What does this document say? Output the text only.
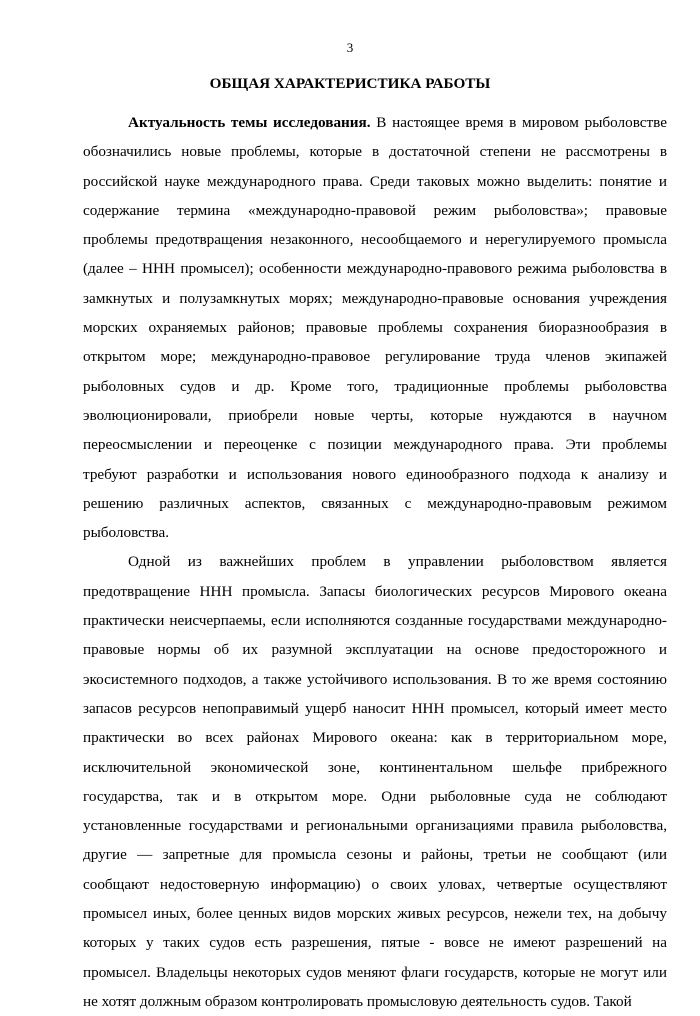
3
ОБЩАЯ ХАРАКТЕРИСТИКА РАБОТЫ
Актуальность темы исследования. В настоящее время в мировом рыболовстве
обозначились новые проблемы, которые в достаточной степени не рассмотрены в
российской науке международного права. Среди таковых можно выделить: понятие и
содержание термина «международно-правовой режим рыболовства»; правовые
проблемы предотвращения незаконного, несообщаемого и нерегулируемого промысла
(далее – ННН промысел); особенности международно-правового режима рыболовства в
замкнутых и полузамкнутых морях; международно-правовые основания учреждения
морских охраняемых районов; правовые проблемы сохранения биоразнообразия в
открытом море; международно-правовое регулирование труда членов экипажей
рыболовных судов и др. Кроме того, традиционные проблемы рыболовства
эволюционировали, приобрели новые черты, которые нуждаются в научном
переосмыслении и переоценке с позиции международного права. Эти проблемы
требуют разработки и использования нового единообразного подхода к анализу и
решению различных аспектов, связанных с международно-правовым режимом
рыболовства.
Одной из важнейших проблем в управлении рыболовством является
предотвращение ННН промысла. Запасы биологических ресурсов Мирового океана
практически неисчерпаемы, если исполняются созданные государствами международно-
правовые нормы об их разумной эксплуатации на основе предосторожного и
экосистемного подходов, а также устойчивого использования. В то же время состоянию
запасов ресурсов непоправимый ущерб наносит ННН промысел, который имеет место
практически во всех районах Мирового океана: как в территориальном море,
исключительной экономической зоне, континентальном шельфе прибрежного
государства, так и в открытом море. Одни рыболовные суда не соблюдают
установленные государствами и региональными организациями правила рыболовства,
другие — запретные для промысла сезоны и районы, третьи не сообщают (или
сообщают недостоверную информацию) о своих уловах, четвертые осуществляют
промысел иных, более ценных видов морских живых ресурсов, нежели тех, на добычу
которых у таких судов есть разрешения, пятые - вовсе не имеют разрешений на
промысел. Владельцы некоторых судов меняют флаги государств, которые не могут или
не хотят должным образом контролировать промысловую деятельность судов. Такой
